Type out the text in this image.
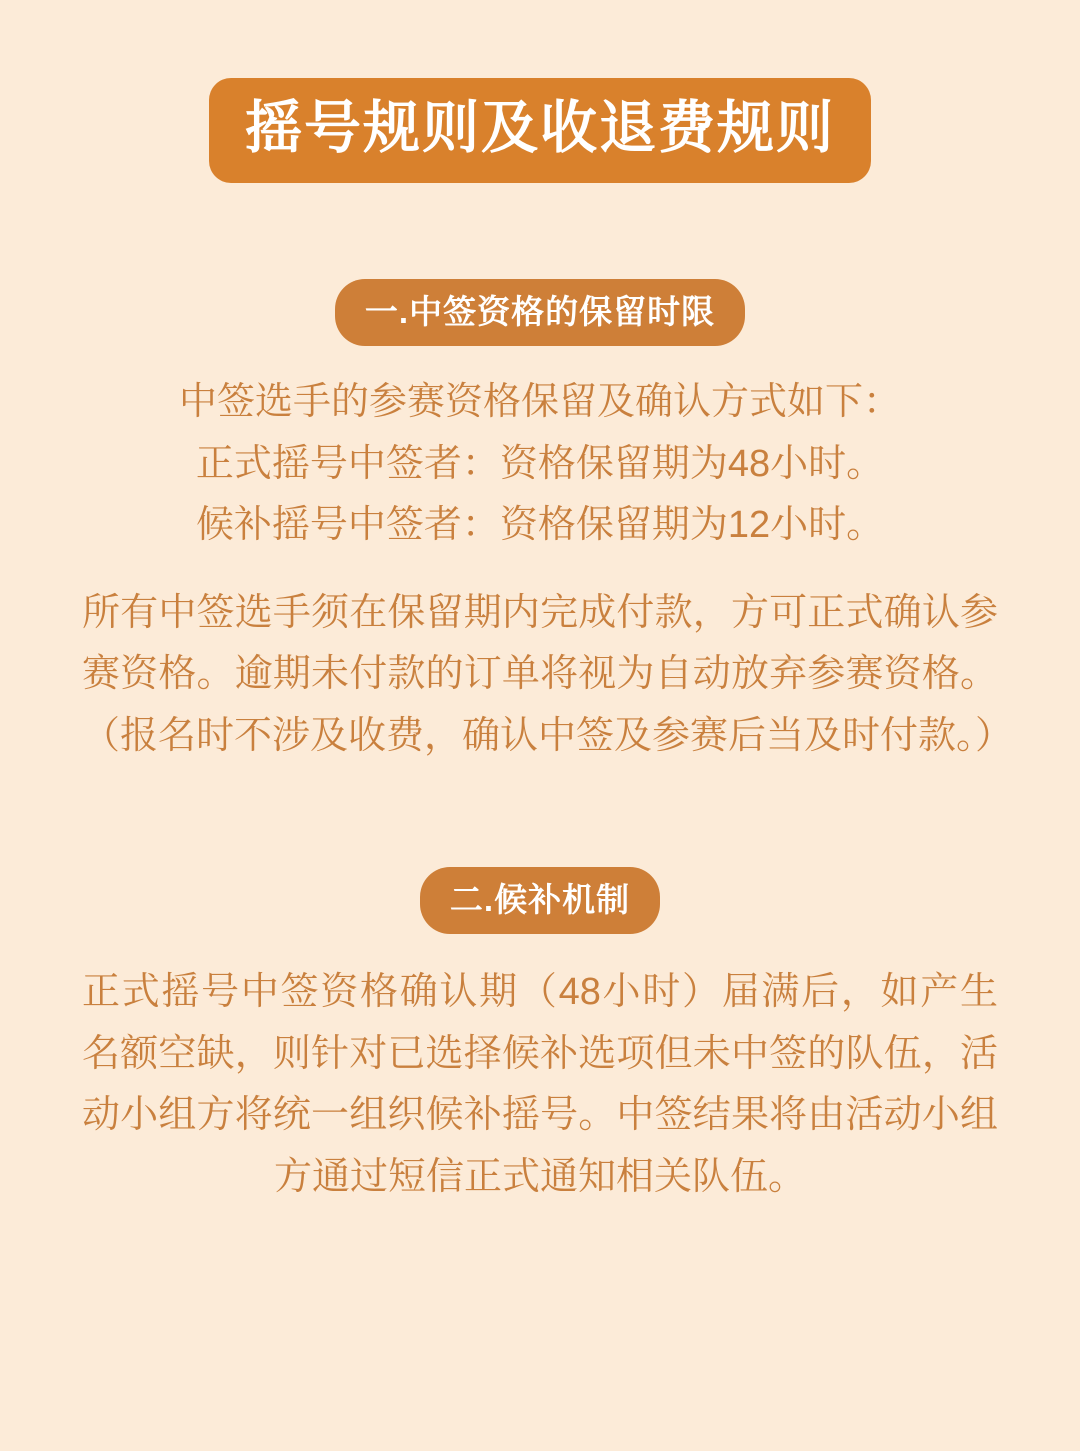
摇号规则及收退费规则
一.中签资格的保留时限

中签选手的参赛资格保留及确认方式如下：

正式摇号中签者：资格保留期为48小时。

候补摇号中签者：资格保留期为12小时。

所有中签选手须在保留期内完成付款，方可正式确认参赛资格。逾期未付款的订单将视为自动放弃参赛资格。（报名时不涉及收费，确认中签及参赛后当及时付款。）

二.候补机制

正式摇号中签资格确认期（48小时）届满后，如产生名额空缺，则针对已选择候补选项但未中签的队伍，活动小组方将统一组织候补摇号。中签结果将由活动小组方通过短信正式通知相关队伍。
